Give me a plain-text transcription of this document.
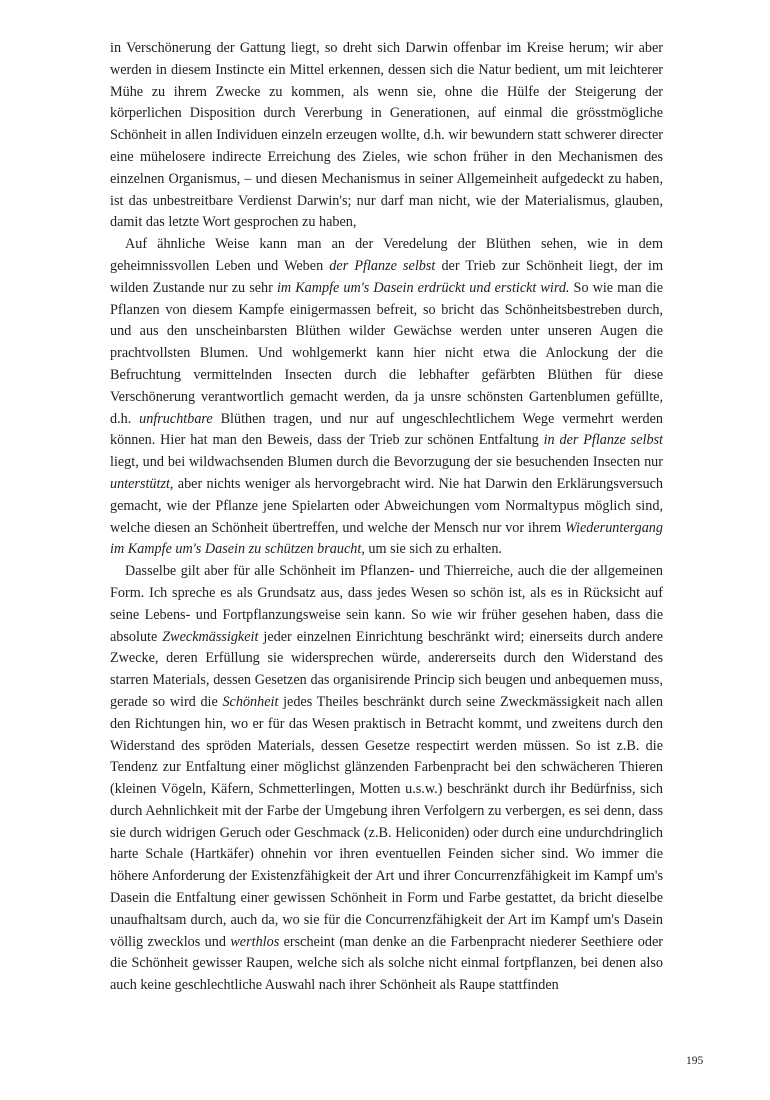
in Verschönerung der Gattung liegt, so dreht sich Darwin offenbar im Kreise herum; wir aber werden in diesem Instincte ein Mittel erkennen, dessen sich die Natur bedient, um mit leichterer Mühe zu ihrem Zwecke zu kommen, als wenn sie, ohne die Hülfe der Steigerung der körperlichen Disposition durch Vererbung in Generationen, auf einmal die grösstmögliche Schönheit in allen Individuen einzeln erzeugen wollte, d.h. wir bewundern statt schwerer directer eine mühelosere indirecte Erreichung des Zieles, wie schon früher in den Mechanismen des einzelnen Organismus, – und diesen Mechanismus in seiner Allgemeinheit aufgedeckt zu haben, ist das unbestreitbare Verdienst Darwin's; nur darf man nicht, wie der Materialismus, glauben, damit das letzte Wort gesprochen zu haben,

Auf ähnliche Weise kann man an der Veredelung der Blüthen sehen, wie in dem geheimnissvollen Leben und Weben der Pflanze selbst der Trieb zur Schönheit liegt, der im wilden Zustande nur zu sehr im Kampfe um's Dasein erdrückt und erstickt wird. So wie man die Pflanzen von diesem Kampfe einigermassen befreit, so bricht das Schönheitsbestreben durch, und aus den unscheinbarsten Blüthen wilder Gewächse werden unter unseren Augen die prachtvollsten Blumen. Und wohlgemerkt kann hier nicht etwa die Anlockung der die Befruchtung vermittelnden Insecten durch die lebhafter gefärbten Blüthen für diese Verschönerung verantwortlich gemacht werden, da ja unsre schönsten Gartenblumen gefüllte, d.h. unfruchtbare Blüthen tragen, und nur auf ungeschlechtlichem Wege vermehrt werden können. Hier hat man den Beweis, dass der Trieb zur schönen Entfaltung in der Pflanze selbst liegt, und bei wildwachsenden Blumen durch die Bevorzugung der sie besuchenden Insecten nur unterstützt, aber nichts weniger als hervorgebracht wird. Nie hat Darwin den Erklärungsversuch gemacht, wie der Pflanze jene Spielarten oder Abweichungen vom Normaltypus möglich sind, welche diesen an Schönheit übertreffen, und welche der Mensch nur vor ihrem Wiederuntergang im Kampfe um's Dasein zu schützen braucht, um sie sich zu erhalten.

Dasselbe gilt aber für alle Schönheit im Pflanzen- und Thierreiche, auch die der allgemeinen Form. Ich spreche es als Grundsatz aus, dass jedes Wesen so schön ist, als es in Rücksicht auf seine Lebens- und Fortpflanzungsweise sein kann. So wie wir früher gesehen haben, dass die absolute Zweckmässigkeit jeder einzelnen Einrichtung beschränkt wird; einerseits durch andere Zwecke, deren Erfüllung sie widersprechen würde, andererseits durch den Widerstand des starren Materials, dessen Gesetzen das organisirende Princip sich beugen und anbequemen muss, gerade so wird die Schönheit jedes Theiles beschränkt durch seine Zweckmässigkeit nach allen den Richtungen hin, wo er für das Wesen praktisch in Betracht kommt, und zweitens durch den Widerstand des spröden Materials, dessen Gesetze respectirt werden müssen. So ist z.B. die Tendenz zur Entfaltung einer möglichst glänzenden Farbenpracht bei den schwächeren Thieren (kleinen Vögeln, Käfern, Schmetterlingen, Motten u.s.w.) beschränkt durch ihr Bedürfniss, sich durch Aehnlichkeit mit der Farbe der Umgebung ihren Verfolgern zu verbergen, es sei denn, dass sie durch widrigen Geruch oder Geschmack (z.B. Heliconiden) oder durch eine undurchdringlich harte Schale (Hartkäfer) ohnehin vor ihren eventuellen Feinden sicher sind. Wo immer die höhere Anforderung der Existenzfähigkeit der Art und ihrer Concurrenzfähigkeit im Kampf um's Dasein die Entfaltung einer gewissen Schönheit in Form und Farbe gestattet, da bricht dieselbe unaufhaltsam durch, auch da, wo sie für die Concurrenzfähigkeit der Art im Kampf um's Dasein völlig zwecklos und werthlos erscheint (man denke an die Farbenpracht niederer Seethiere oder die Schönheit gewisser Raupen, welche sich als solche nicht einmal fortpflanzen, bei denen also auch keine geschlechtliche Auswahl nach ihrer Schönheit als Raupe stattfinden

195
